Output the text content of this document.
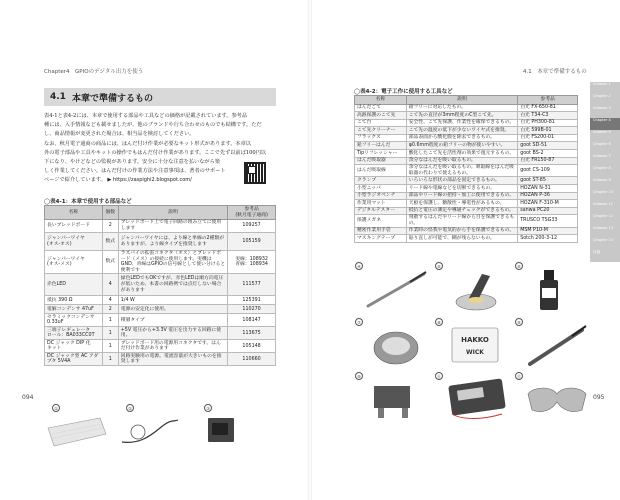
Chapter4　GPIOのデジタル出力を使う
4.1 本章で準備するもの

表4-1と表4-2には、本章で使用する部品や工具などの価格が記載されています。参考品

種には、入手情報なども載せましたが、他のブランドや行ち合わせのものでも結構です。ただ

し、商品情報が変更された場合は、相当品を検討してください。

なお、秋月電子通商の商品には、はんだ付け作業が必要なキット形式があります。本章以

外の電子部品や工具やキットの操作でもはんだ付け作業があります。ここで先ず以前ば100円以

下になり、やけどなどの監視があります。安全に十分な注意を払いながら楽

しく作業してください。はんだ付けの作業方法や注意事項は、著者のサポート

ページで紹介しています。 ▶ https://zaspighi2.blogspot.com/

◯表4-1：本章で使用する部品など
名称	個数	説明	参考品
(秋月電子通商)
長いブレッドボード	2	ブレッドボード上で電子回路の組み立てに使用します	109257
ジャンパーワイヤ
(オス-オス)	数式	ジャンパーワイヤには、より線と単線の2種類がありますが、より線タイプを推奨します	105159
ジャンパーワイヤ
(オス-メス)	数式	ラズパイの拡張コネクタ（オス）とブレッドボード（メス）の接続に使用します。実機はGND、青線はGPIOの信号線として使い分けると便利です	実線：108932
青線：108934
赤色LED	4	緑色LEDでもOKですが、赤色LEDは順方向電圧が低いため、本書の回路例では点灯しない場合があります	111577
抵抗 390 Ω	4	1/4 W	125391
電解コンデンサ 47uF	2	電源の安定化に使用。	110270
セラミックコンデンサ
0.33uF	1	積層タイプ	108147
三端子レギュレータ
ロール：BA033CC0T	1	+5V 電圧から+3.3V 電圧を出力する回路に使用。	113675
DC ジャック DIP 化
キット	1	ブレッドボード用の電源用コネクタです。はんだ付け作業があります	105148
DC ジャック型 AC アダ
プタ 5V4A	1	回路実験用の電源。電流容量が大きいものを推奨します	110660
①	②	③
094
4.1　本章で準備するもの
◯表4-2：電子工作に使用する工具など
名称	説明	参考品
はんだごて	鉛フリーに対応したもの。	白光 FX-650-81
高熱保護のこて先	こて先の直径が3mm程度のC型こて先。	白光 T34-C3
こて台	安全性、こて先保護、作業性を確保できるもの。	白光 PH300-81
こて先クリーナー	こて先の温度の低下が少ないワイヤ式を推奨。	白光 599B-01
フラックス	部品表面から酸化膜を除去できるもの。	白光 FS200-01
鉛フリーはんだ	φ0.6mm程度の鉛フリーの物が使いやすい。	goot SD-51
Tipリフレッシャー	酸化したこて先を活性剤の効果で復元するもの。	goot BS-2
はんだ吸取器	余分なはんだを吸い取るもの。	白光 FR150-87
はんだ吸取線	余分なはんだを吸い取るもの。吸取線をはんだ吸取器の代わりで使えるもの。	goot CS-109
クランプ	いろいろな形状の部品を固定できるもの。	goot ST-85
小型ニッパ	リード線や電線などを切断できるもの。	HOZAN N-31
小型ラジオペンチ	部品やリード線の把持・加工に使用できるもの。	HOZAN P-36
作業用マット	天板を保護し、糖散性・導電性があるもの。	HOZAN F-310-M
デジタルテスター	抵抗と電圧の測定や導通チェックができるもの。	sanwa PC20
保護メガネ	飛散するはんだやリード線から目を保護できるもの。	TRUSCO TSG33
精密作業用手袋	作業時の怪我や電気的から手を保護できるもの。	MSM P10-M
マスキングテープ	貼り直しが可能で、糊が残らないもの。	Sotch 200-3-12
④	⑤	⑥
⑦	⑧	⑨
⑩	⑪	⑫
HAKKO
WICK
095
Chapter 1
Chapter 2
Chapter 3
Chapter 4
Chapter 5
Chapter 6
Chapter 7
Chapter 8
Chapter 9
Chapter 10
Chapter 11
Chapter 12
Chapter 13
Chapter 14
付録
